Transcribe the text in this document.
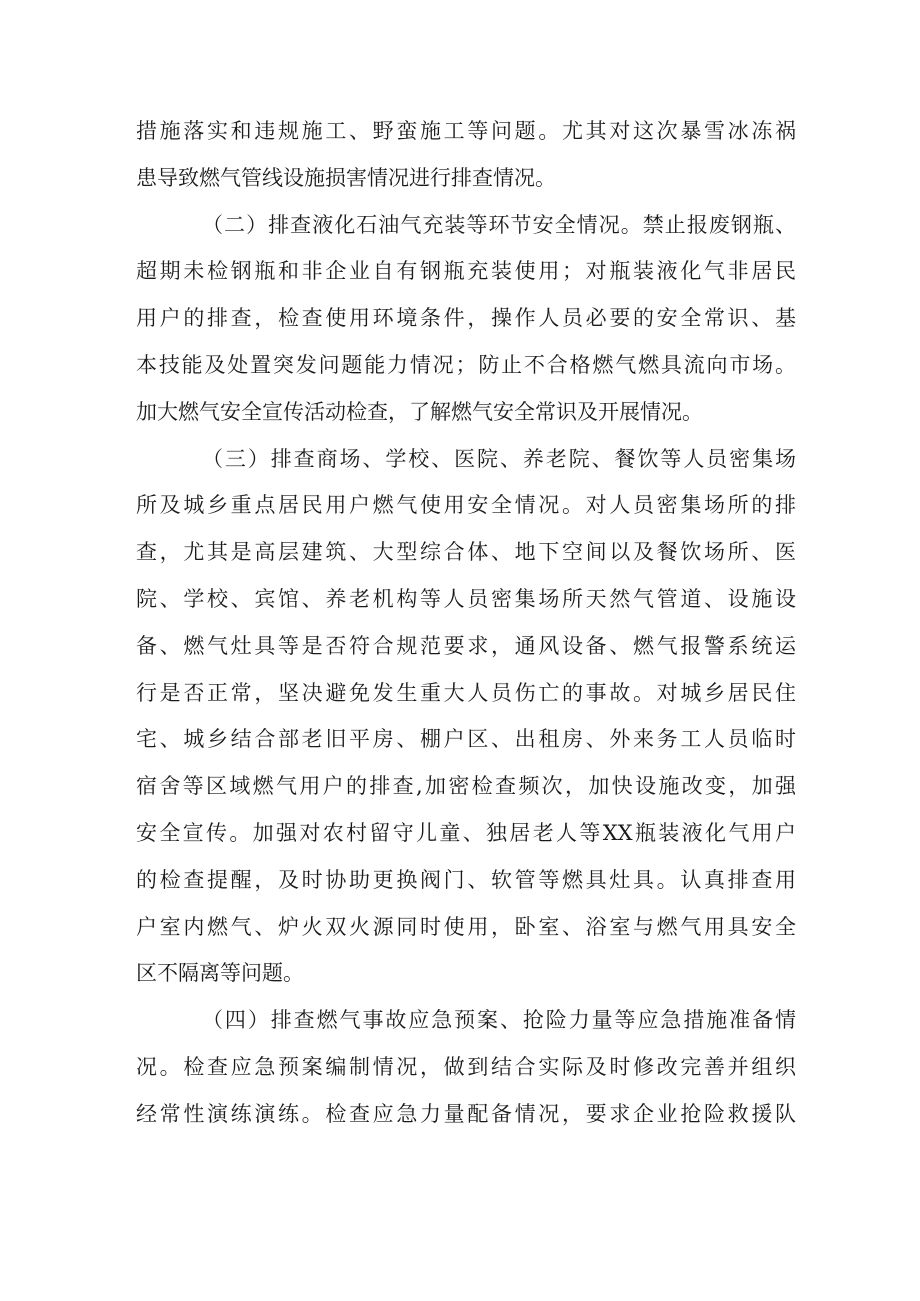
措施落实和违规施工、野蛮施工等问题。尤其对这次暴雪冰冻祸
患导致燃气管线设施损害情况进行排查情况。
（二）排查液化石油气充装等环节安全情况。禁止报废钢瓶、
超期未检钢瓶和非企业自有钢瓶充装使用；对瓶装液化气非居民
用户的排查，检查使用环境条件，操作人员必要的安全常识、基
本技能及处置突发问题能力情况；防止不合格燃气燃具流向市场。
加大燃气安全宣传活动检查，了解燃气安全常识及开展情况。
（三）排查商场、学校、医院、养老院、餐饮等人员密集场
所及城乡重点居民用户燃气使用安全情况。对人员密集场所的排
查，尤其是高层建筑、大型综合体、地下空间以及餐饮场所、医
院、学校、宾馆、养老机构等人员密集场所天然气管道、设施设
备、燃气灶具等是否符合规范要求，通风设备、燃气报警系统运
行是否正常，坚决避免发生重大人员伤亡的事故。对城乡居民住
宅、城乡结合部老旧平房、棚户区、出租房、外来务工人员临时
宿舍等区域燃气用户的排查,加密检查频次，加快设施改变，加强
安全宣传。加强对农村留守儿童、独居老人等XX瓶装液化气用户
的检查提醒，及时协助更换阀门、软管等燃具灶具。认真排查用
户室内燃气、炉火双火源同时使用，卧室、浴室与燃气用具安全
区不隔离等问题。
（四）排查燃气事故应急预案、抢险力量等应急措施准备情
况。检查应急预案编制情况，做到结合实际及时修改完善并组织
经常性演练演练。检查应急力量配备情况，要求企业抢险救援队
